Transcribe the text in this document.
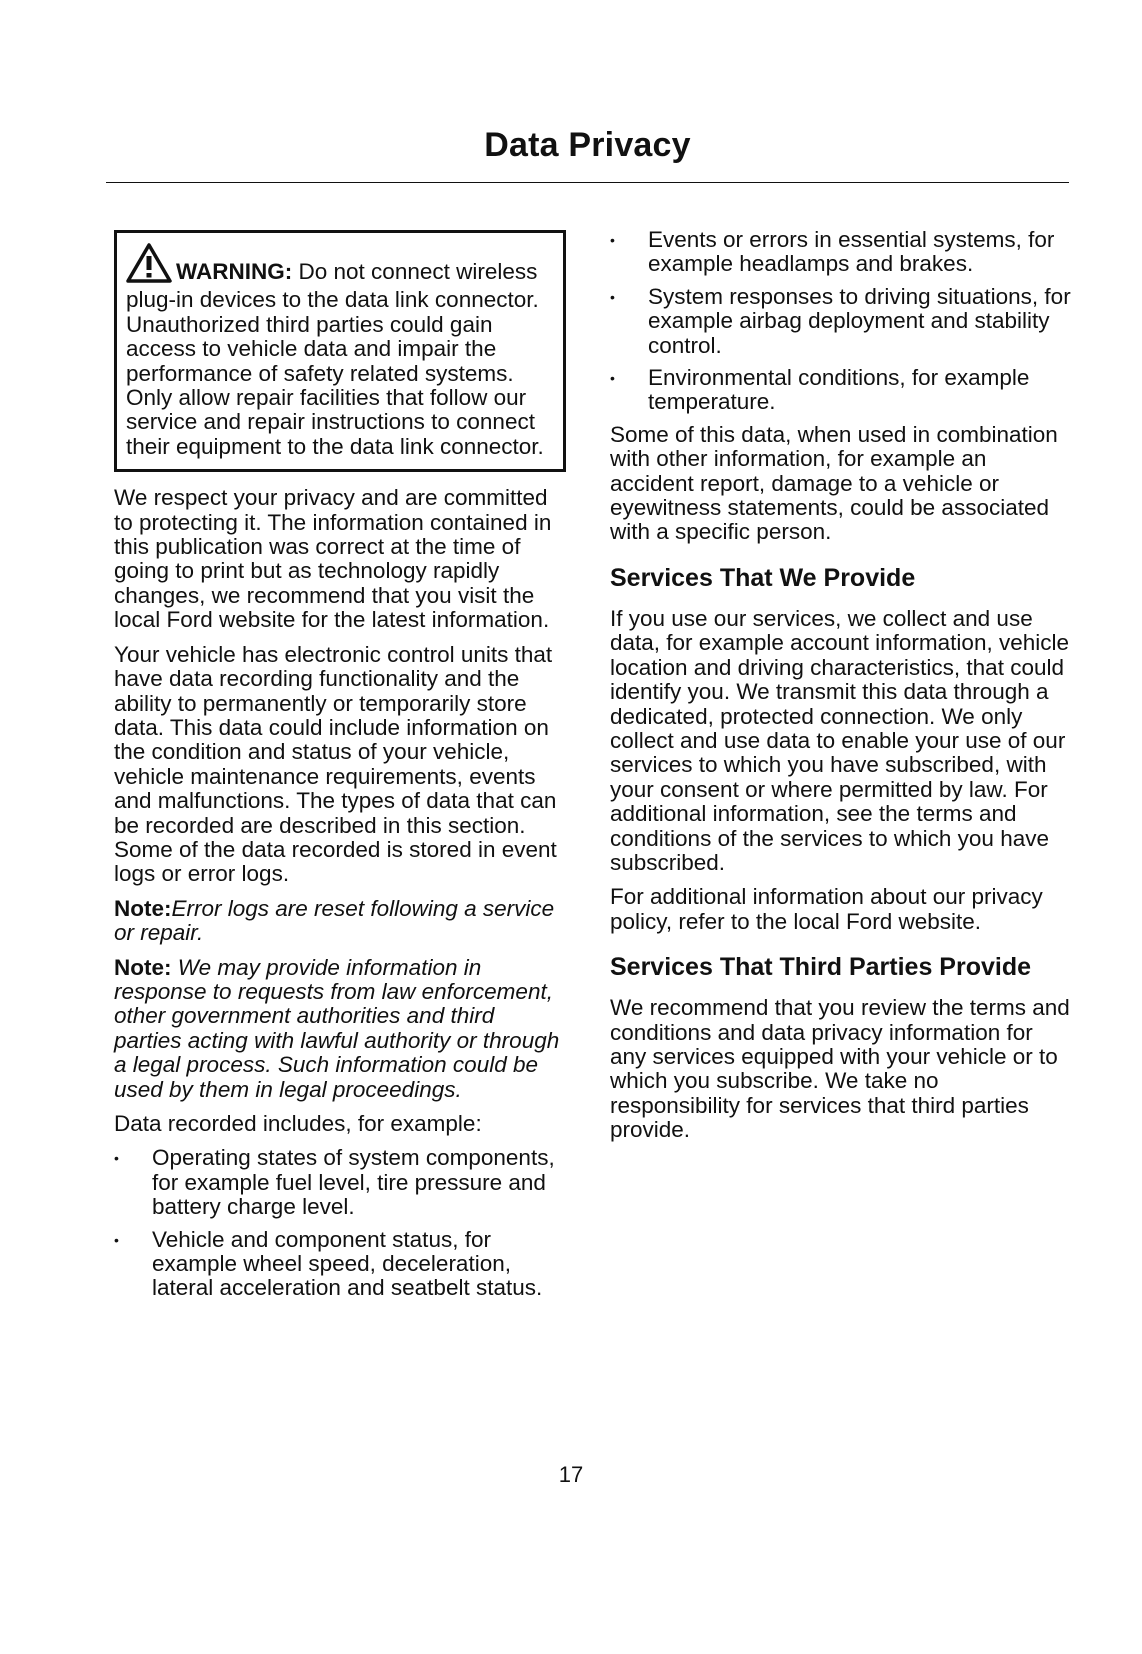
Data Privacy
WARNING: Do not connect wireless plug-in devices to the data link connector. Unauthorized third parties could gain access to vehicle data and impair the performance of safety related systems. Only allow repair facilities that follow our service and repair instructions to connect their equipment to the data link connector.

We respect your privacy and are committed to protecting it. The information contained in this publication was correct at the time of going to print but as technology rapidly changes, we recommend that you visit the local Ford website for the latest information.

Your vehicle has electronic control units that have data recording functionality and the ability to permanently or temporarily store data. This data could include information on the condition and status of your vehicle, vehicle maintenance requirements, events and malfunctions. The types of data that can be recorded are described in this section. Some of the data recorded is stored in event logs or error logs.

Note:Error logs are reset following a service or repair.

Note: We may provide information in response to requests from law enforcement, other government authorities and third parties acting with lawful authority or through a legal process. Such information could be used by them in legal proceedings.

Data recorded includes, for example:

• Operating states of system components, for example fuel level, tire pressure and battery charge level.
• Vehicle and component status, for example wheel speed, deceleration, lateral acceleration and seatbelt status.
• Events or errors in essential systems, for example headlamps and brakes.
• System responses to driving situations, for example airbag deployment and stability control.
• Environmental conditions, for example temperature.

Some of this data, when used in combination with other information, for example an accident report, damage to a vehicle or eyewitness statements, could be associated with a specific person.

Services That We Provide

If you use our services, we collect and use data, for example account information, vehicle location and driving characteristics, that could identify you. We transmit this data through a dedicated, protected connection. We only collect and use data to enable your use of our services to which you have subscribed, with your consent or where permitted by law. For additional information, see the terms and conditions of the services to which you have subscribed.

For additional information about our privacy policy, refer to the local Ford website.

Services That Third Parties Provide

We recommend that you review the terms and conditions and data privacy information for any services equipped with your vehicle or to which you subscribe. We take no responsibility for services that third parties provide.

17
